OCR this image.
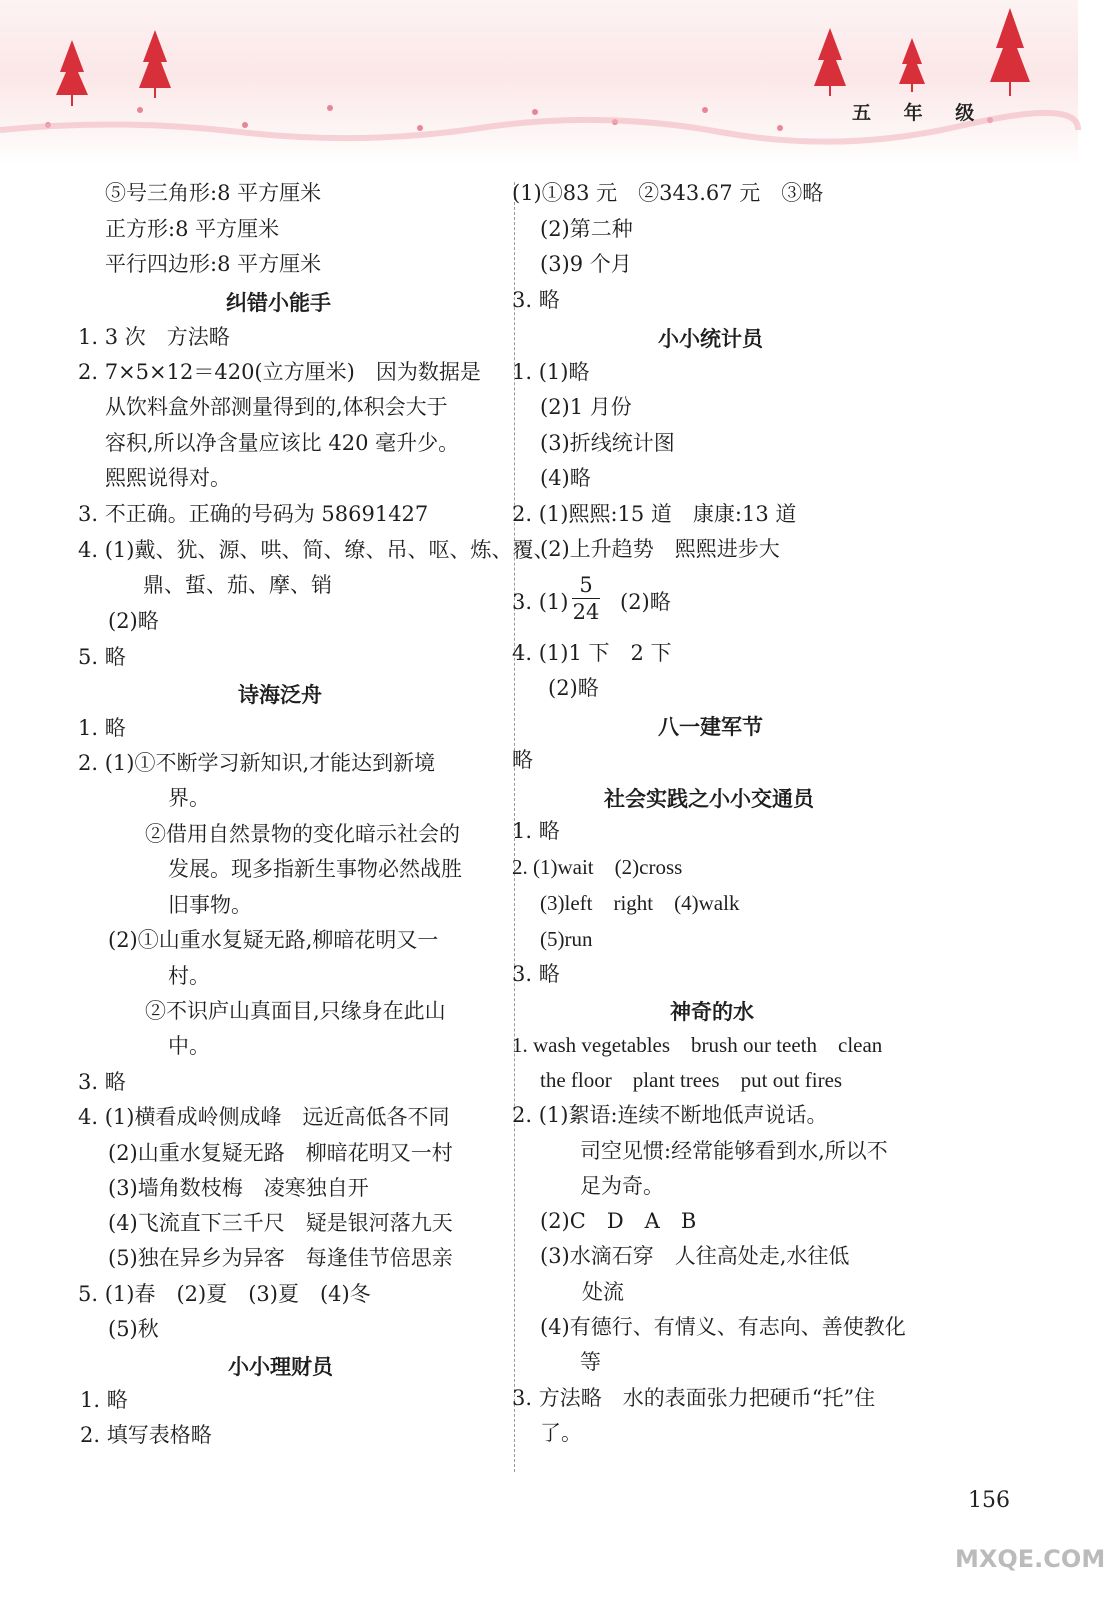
五 年 级
⑤号三角形:8 平方厘米
正方形:8 平方厘米
平行四边形:8 平方厘米
纠错小能手
1. 3 次　方法略
2. 7×5×12＝420(立方厘米)　因为数据是
从饮料盒外部测量得到的,体积会大于
容积,所以净含量应该比 420 毫升少。
熙熙说得对。
3. 不正确。正确的号码为 58691427
4. (1)戴、犹、源、哄、简、缭、吊、呕、炼、覆、
鼎、蜇、茄、摩、销
(2)略
5. 略
诗海泛舟
1. 略
2. (1)①不断学习新知识,才能达到新境
界。
②借用自然景物的变化暗示社会的
发展。现多指新生事物必然战胜
旧事物。
(2)①山重水复疑无路,柳暗花明又一
村。
②不识庐山真面目,只缘身在此山
中。
3. 略
4. (1)横看成岭侧成峰　远近高低各不同
(2)山重水复疑无路　柳暗花明又一村
(3)墙角数枝梅　凌寒独自开
(4)飞流直下三千尺　疑是银河落九天
(5)独在异乡为异客　每逢佳节倍思亲
5. (1)春　(2)夏　(3)夏　(4)冬
(5)秋
小小理财员
1. 略
2. 填写表格略
(1)①83 元　②343.67 元　③略
(2)第二种
(3)9 个月
3. 略
小小统计员
1. (1)略
(2)1 月份
(3)折线统计图
(4)略
2. (1)熙熙:15 道　康康:13 道
(2)上升趋势　熙熙进步大
3. (1)
5
24 (2)略
4. (1)1 下　2 下
(2)略
八一建军节
略
社会实践之小小交通员
1. 略
2. (1)wait　(2)cross
(3)left　right　(4)walk
(5)run
3. 略
神奇的水
1. wash vegetables　brush our teeth　clean
the floor　plant trees　put out fires
2. (1)絮语:连续不断地低声说话。
司空见惯:经常能够看到水,所以不
足为奇。
(2)C　D　A　B
(3)水滴石穿　人往高处走,水往低
处流
(4)有德行、有情义、有志向、善使教化
等
3. 方法略　水的表面张力把硬币“托”住
了。
156
MXQE.COM
